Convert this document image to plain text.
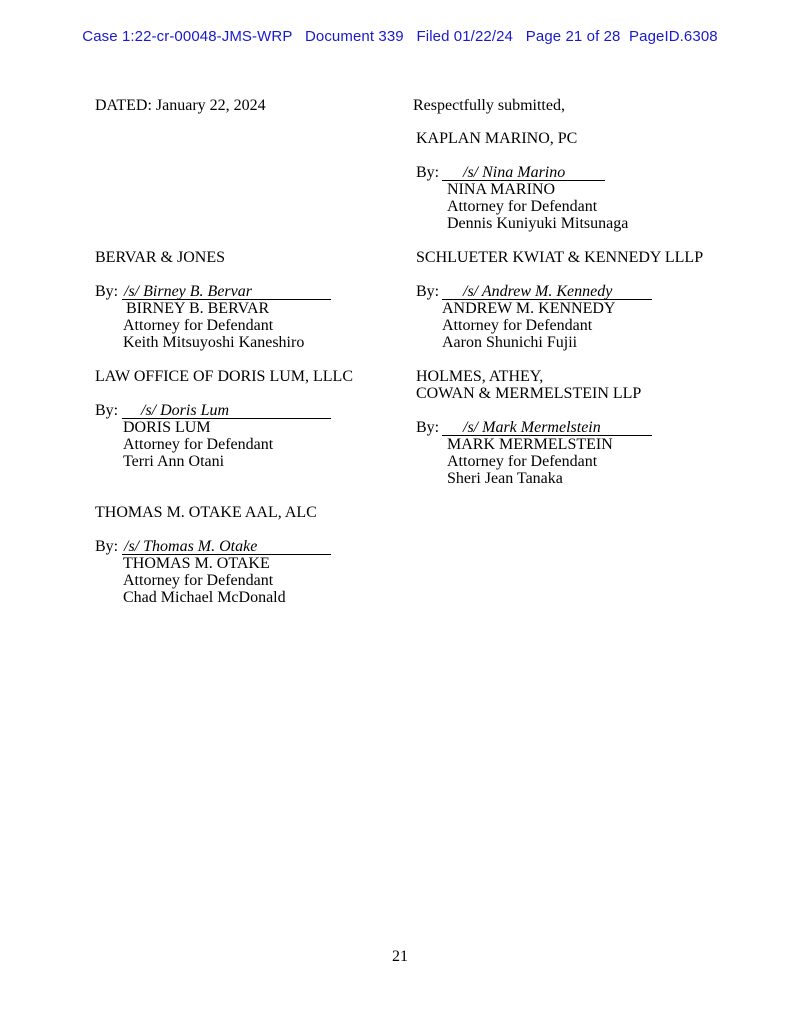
Case 1:22-cr-00048-JMS-WRP   Document 339   Filed 01/22/24   Page 21 of 28  PageID.6308
DATED: January 22, 2024	Respectfully submitted,
KAPLAN MARINO, PC
By: /s/ Nina Marino
NINA MARINO
Attorney for Defendant
Dennis Kuniyuki Mitsunaga
BERVAR & JONES
By: /s/ Birney B. Bervar
BIRNEY B. BERVAR
Attorney for Defendant
Keith Mitsuyoshi Kaneshiro
SCHLUETER KWIAT & KENNEDY LLLP
By: /s/ Andrew M. Kennedy
ANDREW M. KENNEDY
Attorney for Defendant
Aaron Shunichi Fujii
LAW OFFICE OF DORIS LUM, LLLC
By: /s/ Doris Lum
DORIS LUM
Attorney for Defendant
Terri Ann Otani
HOLMES, ATHEY,
COWAN & MERMELSTEIN LLP
By: /s/ Mark Mermelstein
MARK MERMELSTEIN
Attorney for Defendant
Sheri Jean Tanaka
THOMAS M. OTAKE AAL, ALC
By: /s/ Thomas M. Otake
THOMAS M. OTAKE
Attorney for Defendant
Chad Michael McDonald
21
